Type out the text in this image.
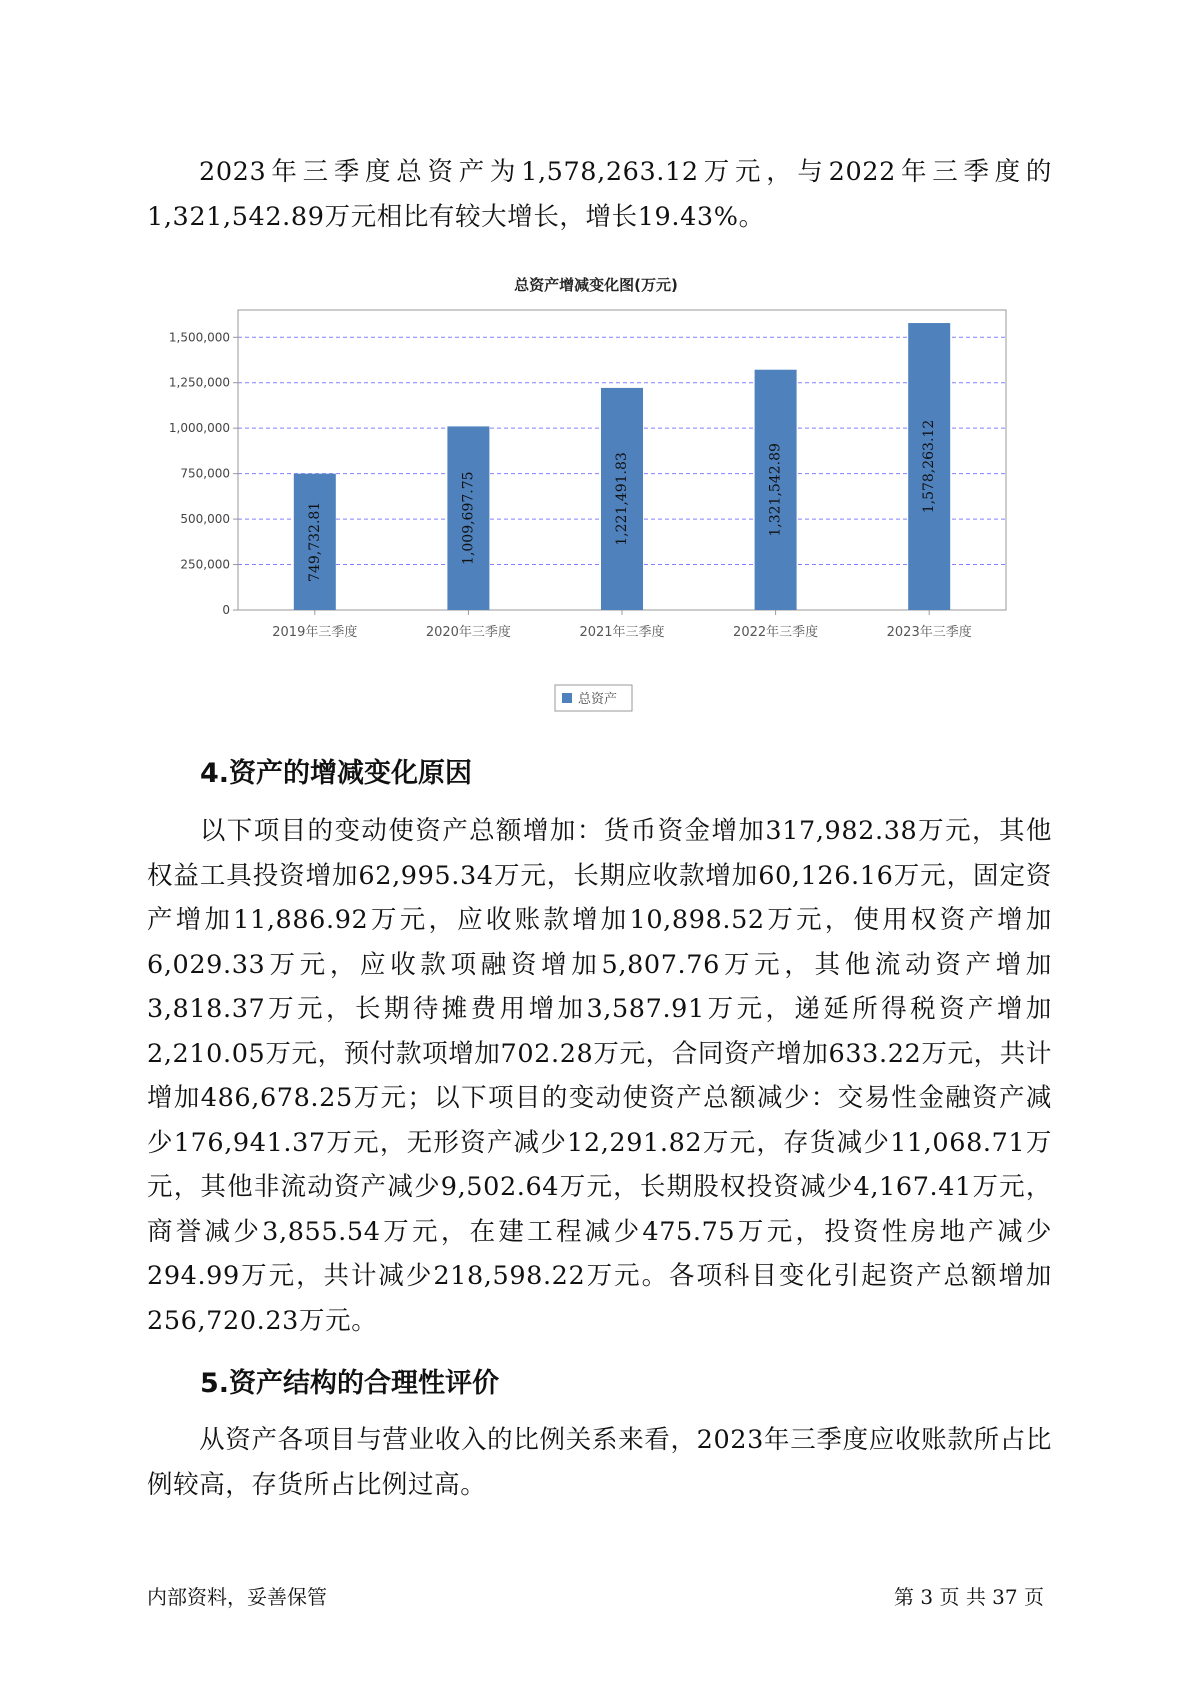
2023年三季度总资产为1,578,263.12万元，与2022年三季度的1,321,542.89万元相比有较大增长，增长19.43%。

总资产增减变化图(万元)
0
250,000
500,000
750,000
1,000,000
1,250,000
1,500,000
749,732.81	1,009,697.75	1,221,491.83	1,321,542.89	1,578,263.12
2019年三季度	2020年三季度	2021年三季度	2022年三季度	2023年三季度
总资产
4.资产的增减变化原因

以下项目的变动使资产总额增加：货币资金增加317,982.38万元，其他权益工具投资增加62,995.34万元，长期应收款增加60,126.16万元，固定资产增加11,886.92万元，应收账款增加10,898.52万元，使用权资产增加6,029.33万元，应收款项融资增加5,807.76万元，其他流动资产增加3,818.37万元，长期待摊费用增加3,587.91万元，递延所得税资产增加2,210.05万元，预付款项增加702.28万元，合同资产增加633.22万元，共计增加486,678.25万元；以下项目的变动使资产总额减少：交易性金融资产减少176,941.37万元，无形资产减少12,291.82万元，存货减少11,068.71万元，其他非流动资产减少9,502.64万元，长期股权投资减少4,167.41万元，商誉减少3,855.54万元，在建工程减少475.75万元，投资性房地产减少294.99万元，共计减少218,598.22万元。各项科目变化引起资产总额增加256,720.23万元。

5.资产结构的合理性评价

从资产各项目与营业收入的比例关系来看，2023年三季度应收账款所占比例较高，存货所占比例过高。

内部资料，妥善保管	第 3 页 共 37 页
